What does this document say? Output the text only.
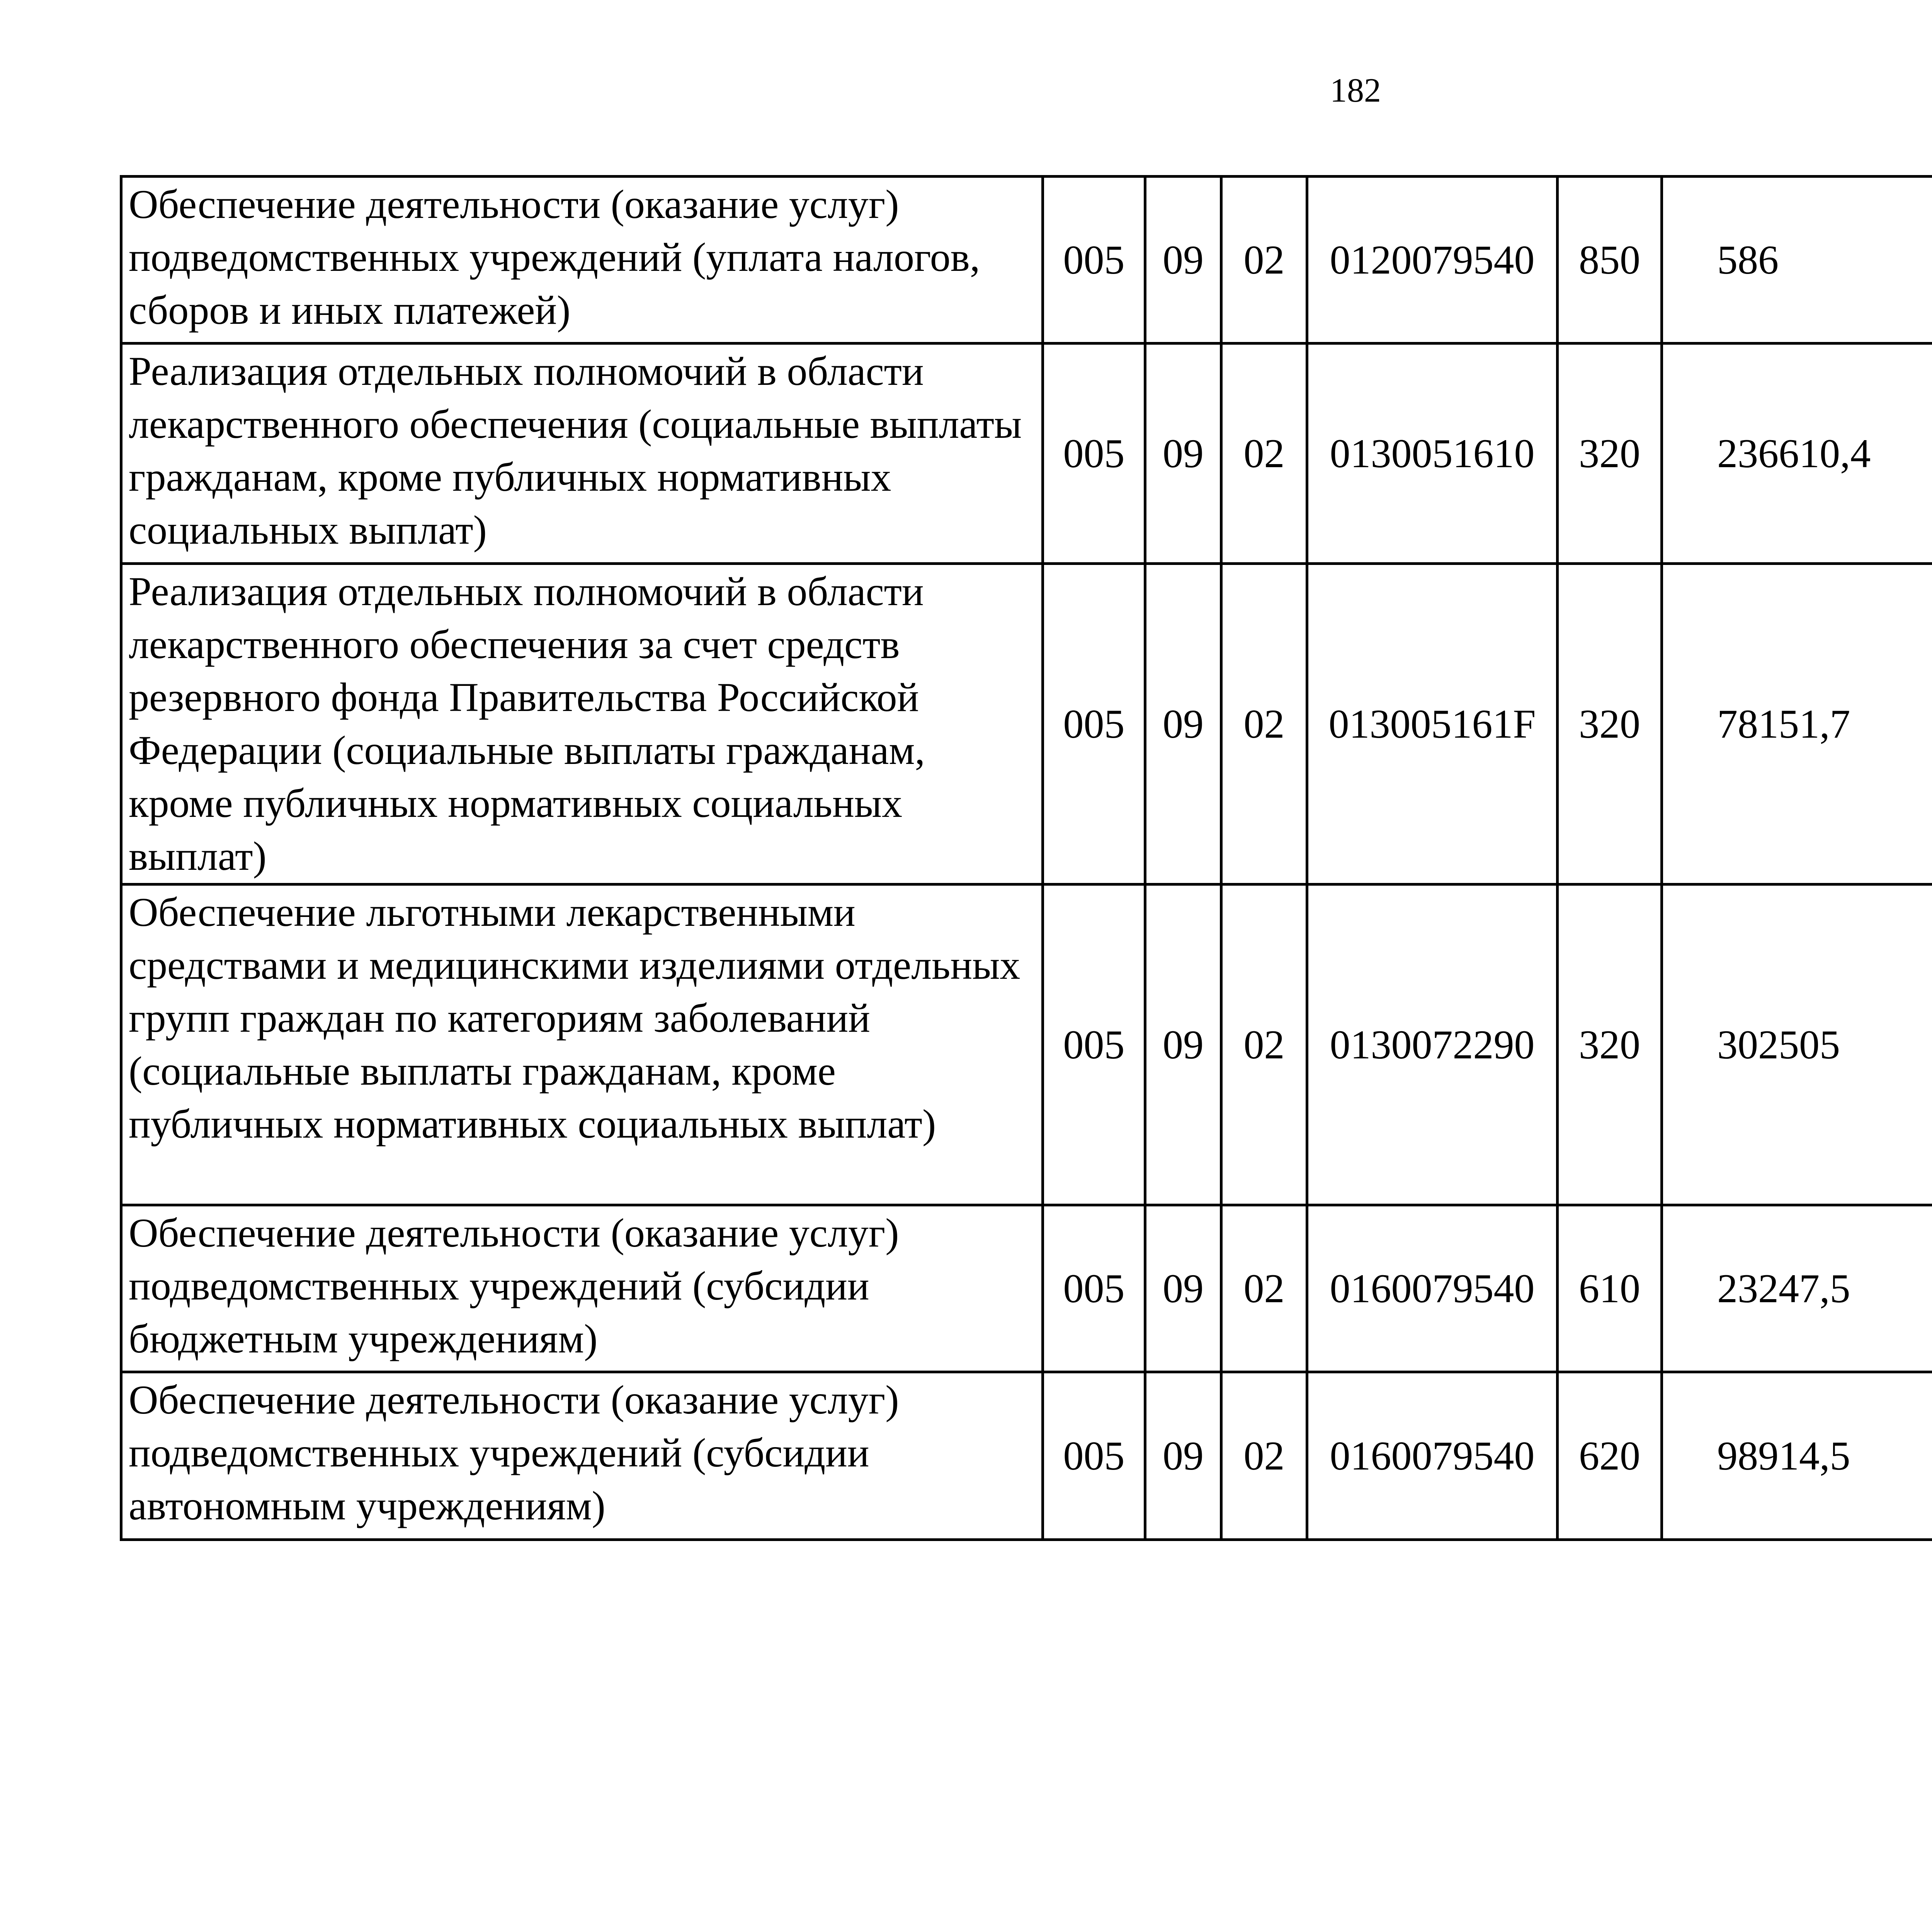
182
Обеспечение деятельности (оказание услуг) подведомственных учреждений (уплата налогов, сборов и иных платежей)	005	09	02	0120079540	850	586		
Реализация отдельных полномочий в области лекарственного обеспечения (социальные выплаты гражданам, кроме публичных нормативных социальных выплат)	005	09	02	0130051610	320	236610,4		
Реализация отдельных полномочий в области лекарственного обеспечения за счет средств резервного фонда Правительства Российской Федерации (социальные выплаты гражданам, кроме публичных нормативных социальных выплат)	005	09	02	013005161F	320	78151,7		
Обеспечение льготными лекарственными средствами и медицинскими изделиями отдельных групп граждан по категориям заболеваний (социальные выплаты гражданам, кроме публичных нормативных социальных выплат)	005	09	02	0130072290	320	302505		
Обеспечение деятельности (оказание услуг) подведомственных учреждений (субсидии бюджетным учреждениям)	005	09	02	0160079540	610	23247,5		
Обеспечение деятельности (оказание услуг) подведомственных учреждений (субсидии автономным учреждениям)	005	09	02	0160079540	620	98914,5		
